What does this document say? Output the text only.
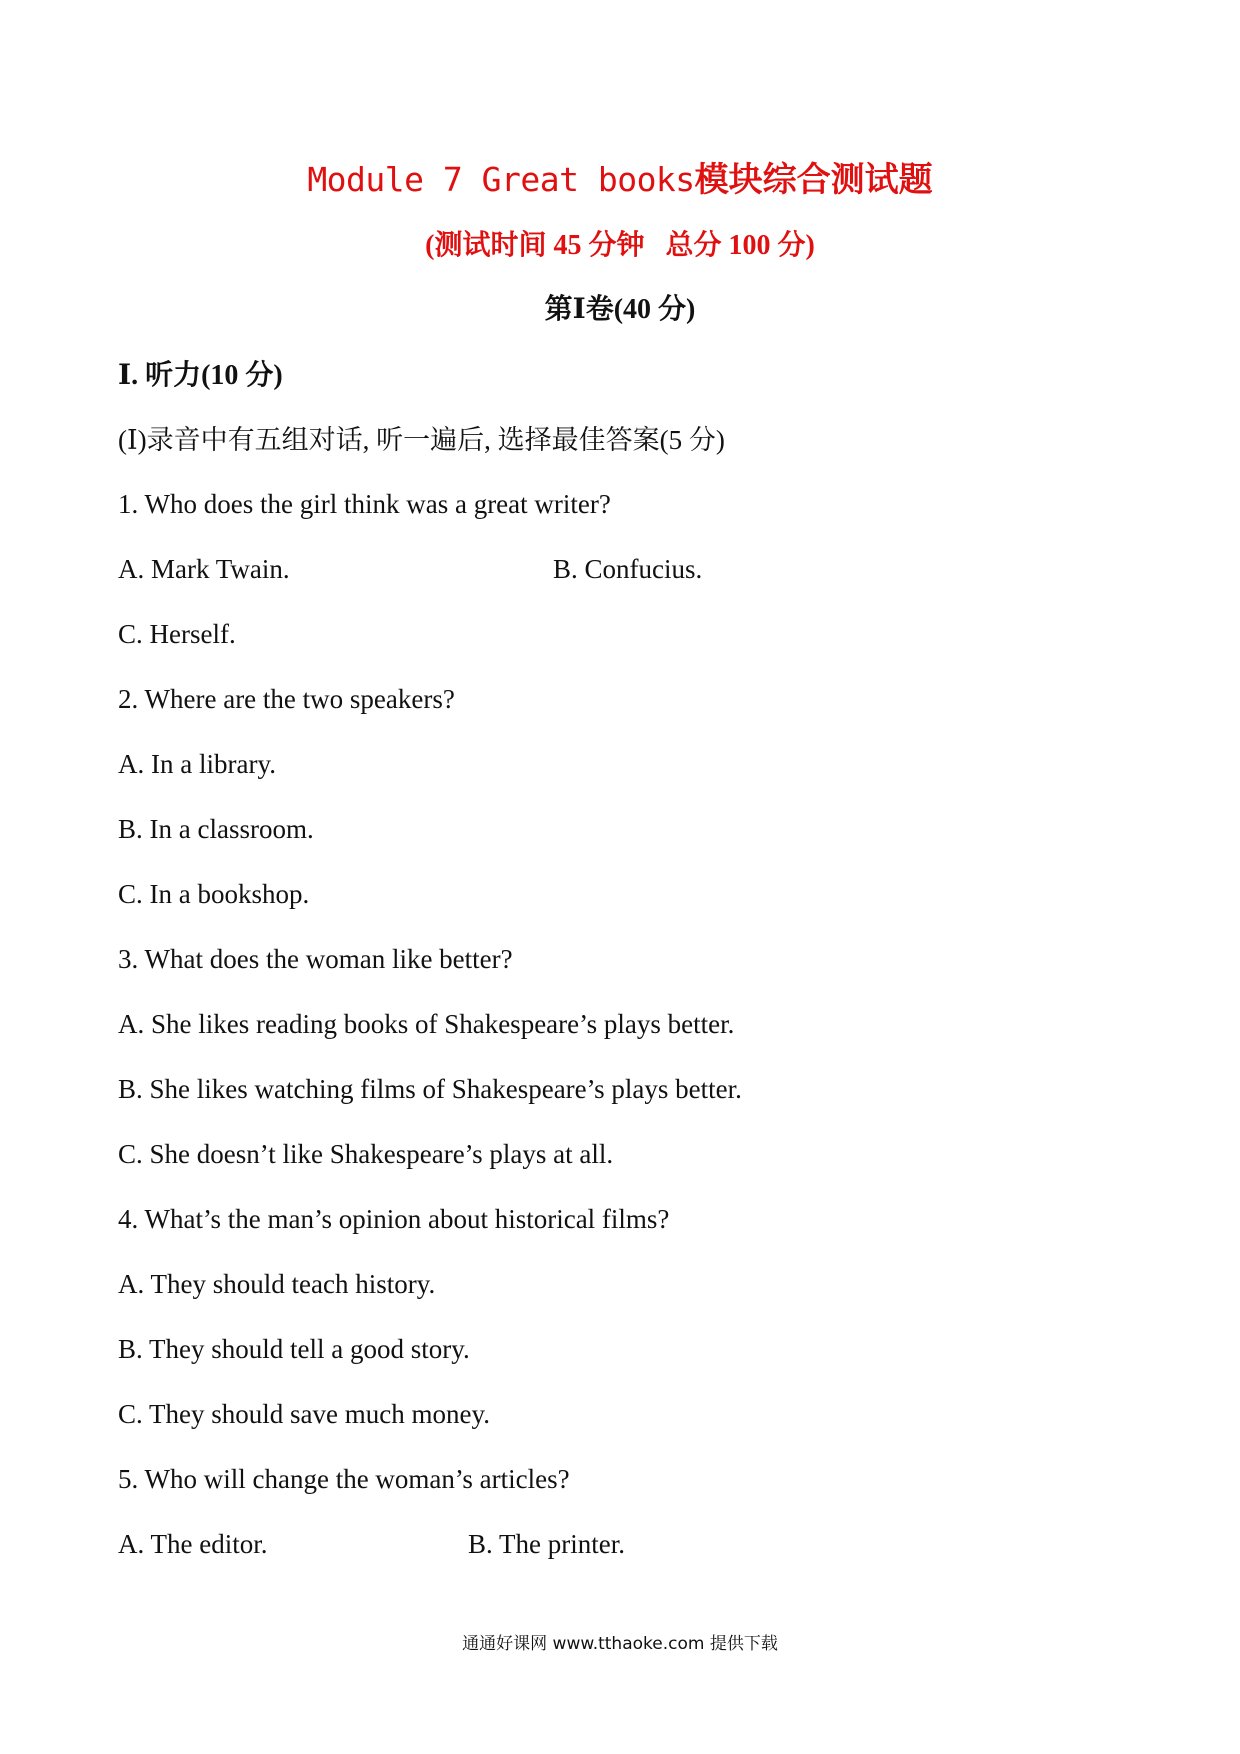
Module 7 Great books模块综合测试题
(测试时间 45 分钟   总分 100 分)
第Ⅰ卷(40 分)
Ⅰ. 听力(10 分)
(Ⅰ)录音中有五组对话, 听一遍后, 选择最佳答案(5 分)
1. Who does the girl think was a great writer?
A. Mark Twain.	B. Confucius.
C. Herself.
2. Where are the two speakers?
A. In a library.
B. In a classroom.
C. In a bookshop.
3. What does the woman like better?
A. She likes reading books of Shakespeare’s plays better.
B. She likes watching films of Shakespeare’s plays better.
C. She doesn’t like Shakespeare’s plays at all.
4. What’s the man’s opinion about historical films?
A. They should teach history.
B. They should tell a good story.
C. They should save much money.
5. Who will change the woman’s articles?
A. The editor.	B. The printer.
通通好课网 www.tthaoke.com 提供下载
